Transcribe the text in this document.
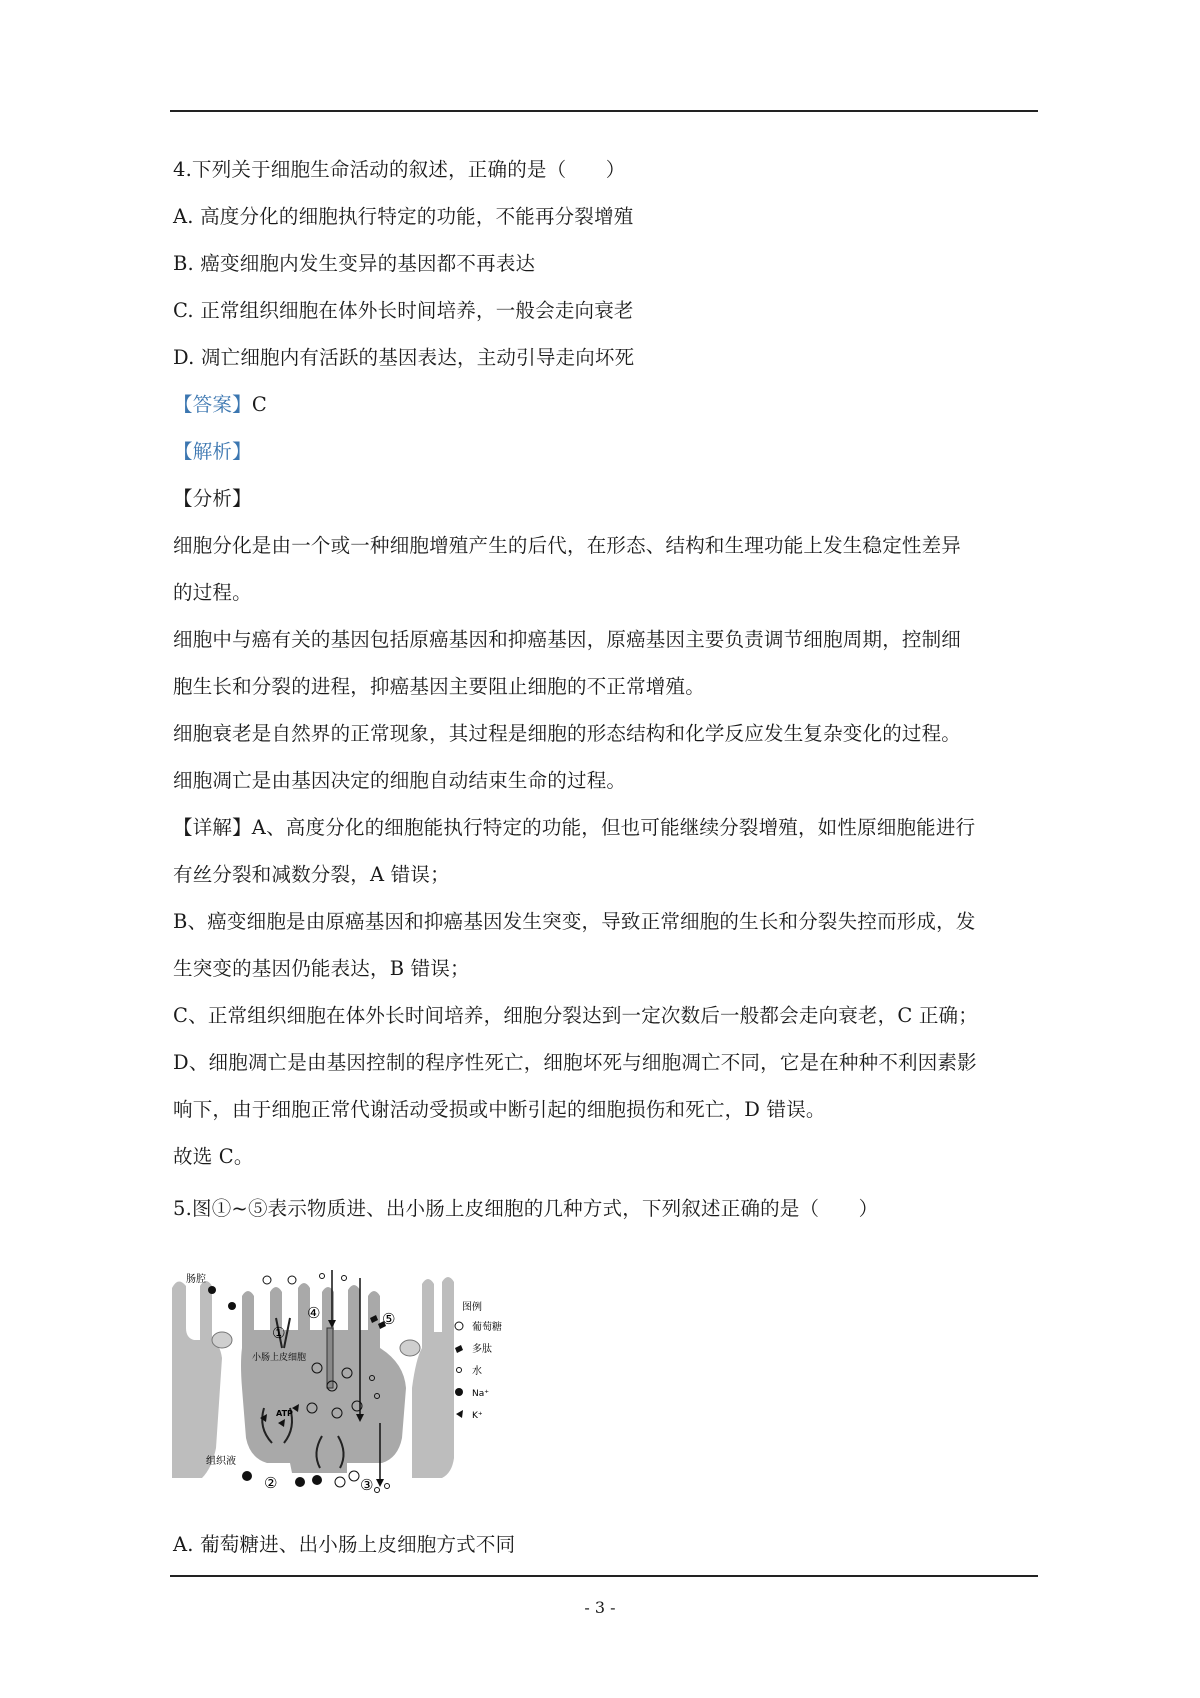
4.下列关于细胞生命活动的叙述，正确的是（　　）
A. 高度分化的细胞执行特定的功能，不能再分裂增殖
B. 癌变细胞内发生变异的基因都不再表达
C. 正常组织细胞在体外长时间培养，一般会走向衰老
D. 凋亡细胞内有活跃的基因表达，主动引导走向坏死
【答案】C
【解析】
【分析】
细胞分化是由一个或一种细胞增殖产生的后代，在形态、结构和生理功能上发生稳定性差异
的过程。
细胞中与癌有关的基因包括原癌基因和抑癌基因，原癌基因主要负责调节细胞周期，控制细
胞生长和分裂的进程，抑癌基因主要阻止细胞的不正常增殖。
细胞衰老是自然界的正常现象，其过程是细胞的形态结构和化学反应发生复杂变化的过程。
细胞凋亡是由基因决定的细胞自动结束生命的过程。
【详解】A、高度分化的细胞能执行特定的功能，但也可能继续分裂增殖，如性原细胞能进行
有丝分裂和减数分裂，A 错误；
B、癌变细胞是由原癌基因和抑癌基因发生突变，导致正常细胞的生长和分裂失控而形成，发
生突变的基因仍能表达，B 错误；
C、正常组织细胞在体外长时间培养，细胞分裂达到一定次数后一般都会走向衰老，C 正确；
D、细胞凋亡是由基因控制的程序性死亡，细胞坏死与细胞凋亡不同，它是在种种不利因素影
响下，由于细胞正常代谢活动受损或中断引起的细胞损伤和死亡，D 错误。
故选 C。
5.图①~⑤表示物质进、出小肠上皮细胞的几种方式，下列叙述正确的是（　　）
①
②	③
④	⑤
肠腔
小肠上皮细胞
组织液
ATP
图例
葡萄糖
多肽
水
Na⁺
K⁺
A. 葡萄糖进、出小肠上皮细胞方式不同
- 3 -
